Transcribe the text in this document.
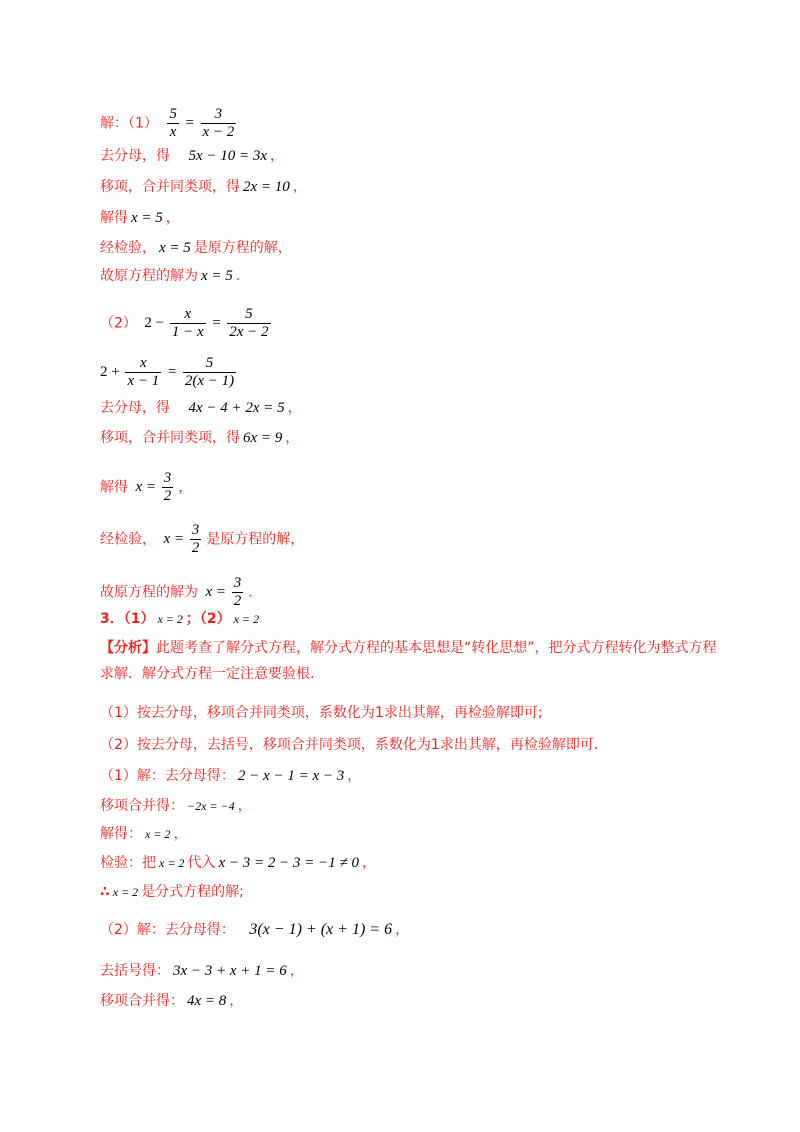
解：$(1) \frac{5}{x} = \frac{3}{x - 2}$
去分母，得 5x − 10 = 3x ，
移项，合并同类项，得 2x = 10 ，
解得 x = 5 ，
经检验， x = 5 是原方程的解，
故原方程的解为 x = 5 .
（2） $2 - \frac{x}{1 - x} = \frac{5}{2x - 2}$
$2 + \frac{x}{x - 1} = \frac{5}{2(x - 1)}$
去分母，得 4x − 4 + 2x = 5 ，
移项，合并同类项，得 6x = 9 ，
解得 $x = \frac{3}{2}$ ，
经检验， $x = \frac{3}{2}$ 是原方程的解，
故原方程的解为 $x = \frac{3}{2}$ .
3．（1） x = 2 ；（2） x = 2
【分析】此题考查了解分式方程，解分式方程的基本思想是“转化思想”，把分式方程转化为整式方程求解．解分式方程一定注意要验根.
（1）按去分母，移项合并同类项，系数化为1求出其解，再检验解即可;
（2）按去分母，去括号，移项合并同类项，系数化为1求出其解，再检验解即可.
（1）解：去分母得： 2 − x − 1 = x − 3 ，
移项合并得： −2x = −4 ，
解得： x = 2 ，
检验：把 x = 2 代入 x − 3 = 2 − 3 = −1 ≠ 0 ，
∴ x = 2 是分式方程的解;
（2）解：去分母得： 3(x − 1) + (x + 1) = 6 ，
去括号得： 3x − 3 + x + 1 = 6 ，
移项合并得： 4x = 8 ，
